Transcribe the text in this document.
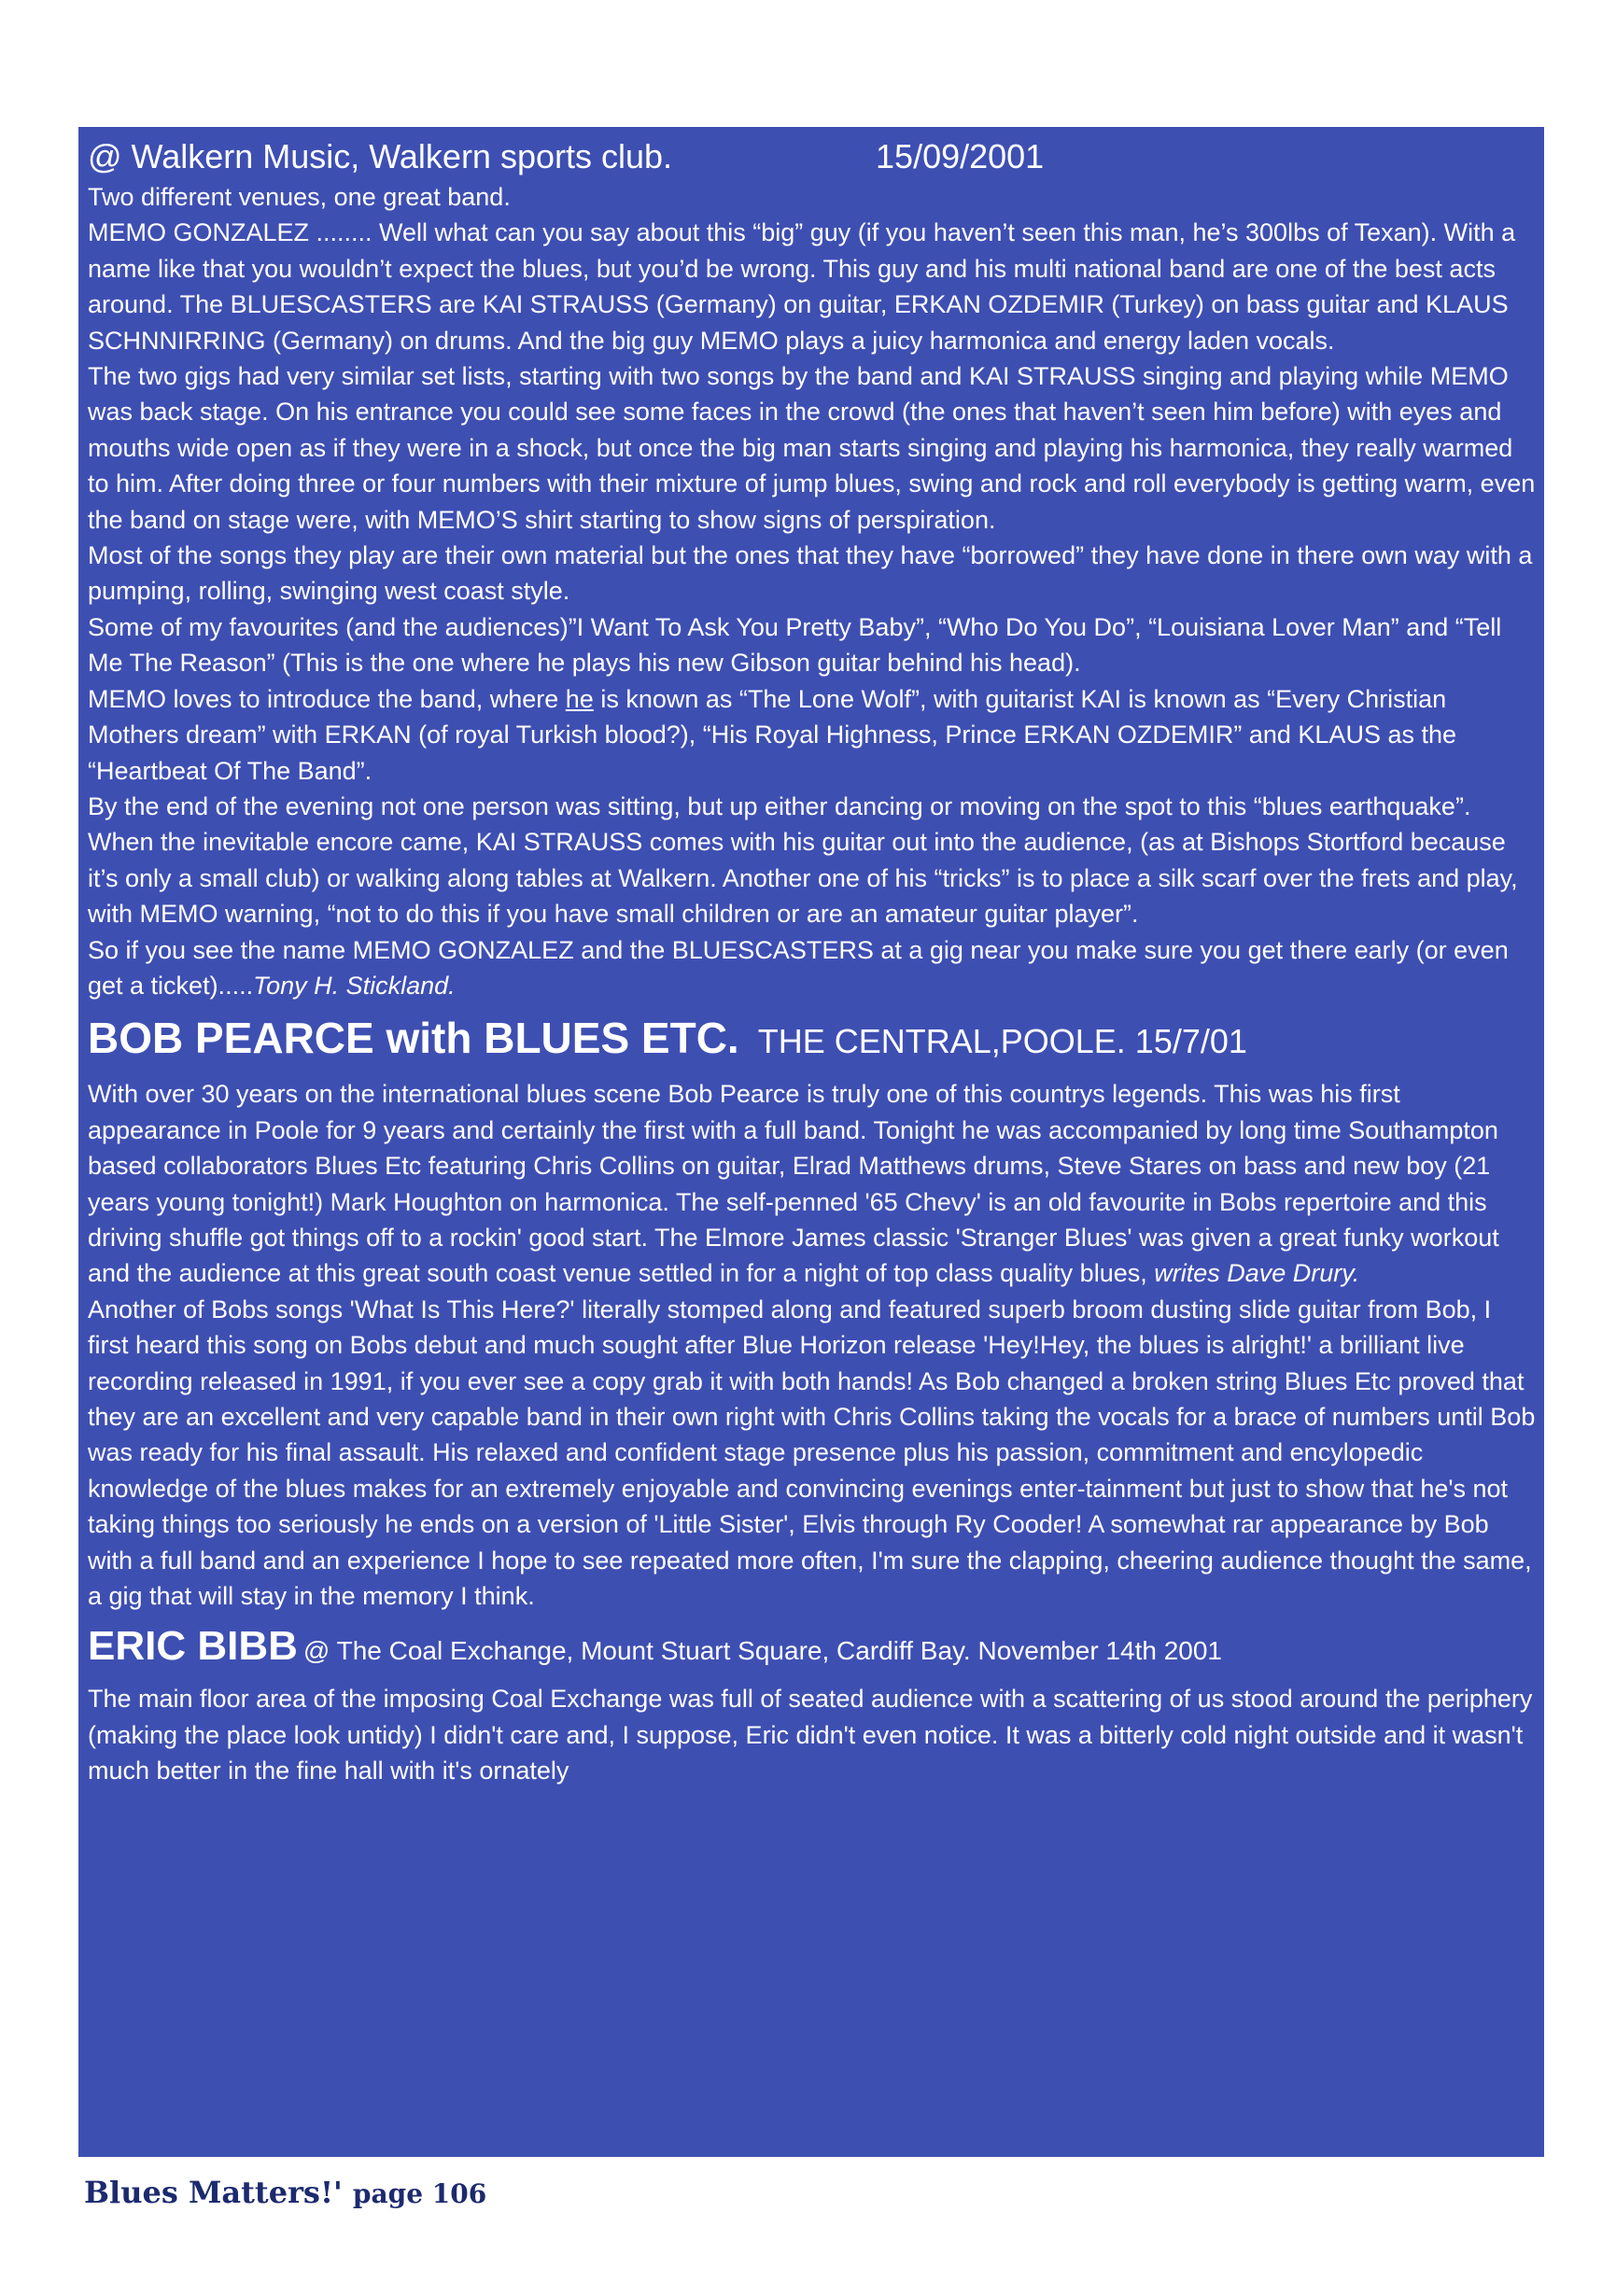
@ Walkern Music, Walkern sports club.	15/09/2001

Two different venues, one great band.

MEMO GONZALEZ ........ Well what can you say about this “big” guy (if you haven’t seen this man, he’s 300lbs of Texan). With a name like that you wouldn’t expect the blues, but you’d be wrong. This guy and his multi national band are one of the best acts around. The BLUESCASTERS are KAI STRAUSS (Germany) on guitar, ERKAN OZDEMIR (Turkey) on bass guitar and KLAUS SCHNNIRRING (Germany) on drums. And the big guy MEMO plays a juicy harmonica and energy laden vocals.

The two gigs had very similar set lists, starting with two songs by the band and KAI STRAUSS singing and playing while MEMO was back stage. On his entrance you could see some faces in the crowd (the ones that haven’t seen him before) with eyes and mouths wide open as if they were in a shock, but once the big man starts singing and playing his harmonica, they really warmed to him. After doing three or four numbers with their mixture of jump blues, swing and rock and roll everybody is getting warm, even the band on stage were, with MEMO’S shirt starting to show signs of perspiration.

Most of the songs they play are their own material but the ones that they have “borrowed” they have done in there own way with a pumping, rolling, swinging west coast style.

Some of my favourites (and the audiences)”I Want To Ask You Pretty Baby”, “Who Do You Do”, “Louisiana Lover Man” and “Tell Me The Reason” (This is the one where he plays his new Gibson guitar behind his head).

MEMO loves to introduce the band, where he is known as “The Lone Wolf”, with guitarist KAI is known as “Every Christian Mothers dream” with ERKAN (of royal Turkish blood?), “His Royal Highness, Prince ERKAN OZDEMIR” and KLAUS as the “Heartbeat Of The Band”.

By the end of the evening not one person was sitting, but up either dancing or moving on the spot to this “blues earthquake”.

When the inevitable encore came, KAI STRAUSS comes with his guitar out into the audience, (as at Bishops Stortford because it’s only a small club) or walking along tables at Walkern. Another one of his “tricks” is to place a silk scarf over the frets and play, with MEMO warning, “not to do this if you have small children or are an amateur guitar player”.

So if you see the name MEMO GONZALEZ and the BLUESCASTERS at a gig near you make sure you get there early (or even get a ticket).....Tony H. Stickland.

BOB PEARCE with BLUES ETC. THE CENTRAL,POOLE. 15/7/01

With over 30 years on the international blues scene Bob Pearce is truly one of this countrys legends. This was his first appearance in Poole for 9 years and certainly the first with a full band. Tonight he was accompanied by long time Southampton based collaborators Blues Etc featuring Chris Collins on guitar, Elrad Matthews drums, Steve Stares on bass and new boy (21 years young tonight!) Mark Houghton on harmonica. The self-penned '65 Chevy' is an old favourite in Bobs repertoire and this driving shuffle got things off to a rockin' good start. The Elmore James classic 'Stranger Blues' was given a great funky workout and the audience at this great south coast venue settled in for a night of top class quality blues, writes Dave Drury.

Another of Bobs songs 'What Is This Here?' literally stomped along and featured superb broom dusting slide guitar from Bob, I first heard this song on Bobs debut and much sought after Blue Horizon release 'Hey!Hey, the blues is alright!' a brilliant live recording released in 1991, if you ever see a copy grab it with both hands! As Bob changed a broken string Blues Etc proved that they are an excellent and very capable band in their own right with Chris Collins taking the vocals for a brace of numbers until Bob was ready for his final assault. His relaxed and confident stage presence plus his passion, commitment and encylopedic knowledge of the blues makes for an extremely enjoyable and convincing evenings enter-tainment but just to show that he's not taking things too seriously he ends on a version of 'Little Sister', Elvis through Ry Cooder! A somewhat rar appearance by Bob with a full band and an experience I hope to see repeated more often, I'm sure the clapping, cheering audience thought the same, a gig that will stay in the memory I think.

ERIC BIBB @ The Coal Exchange, Mount Stuart Square, Cardiff Bay. November 14th 2001

The main floor area of the imposing Coal Exchange was full of seated audience with a scattering of us stood around the periphery (making the place look untidy) I didn't care and, I suppose, Eric didn't even notice. It was a bitterly cold night outside and it wasn't much better in the fine hall with it's ornately

Blues Matters!' page 106
